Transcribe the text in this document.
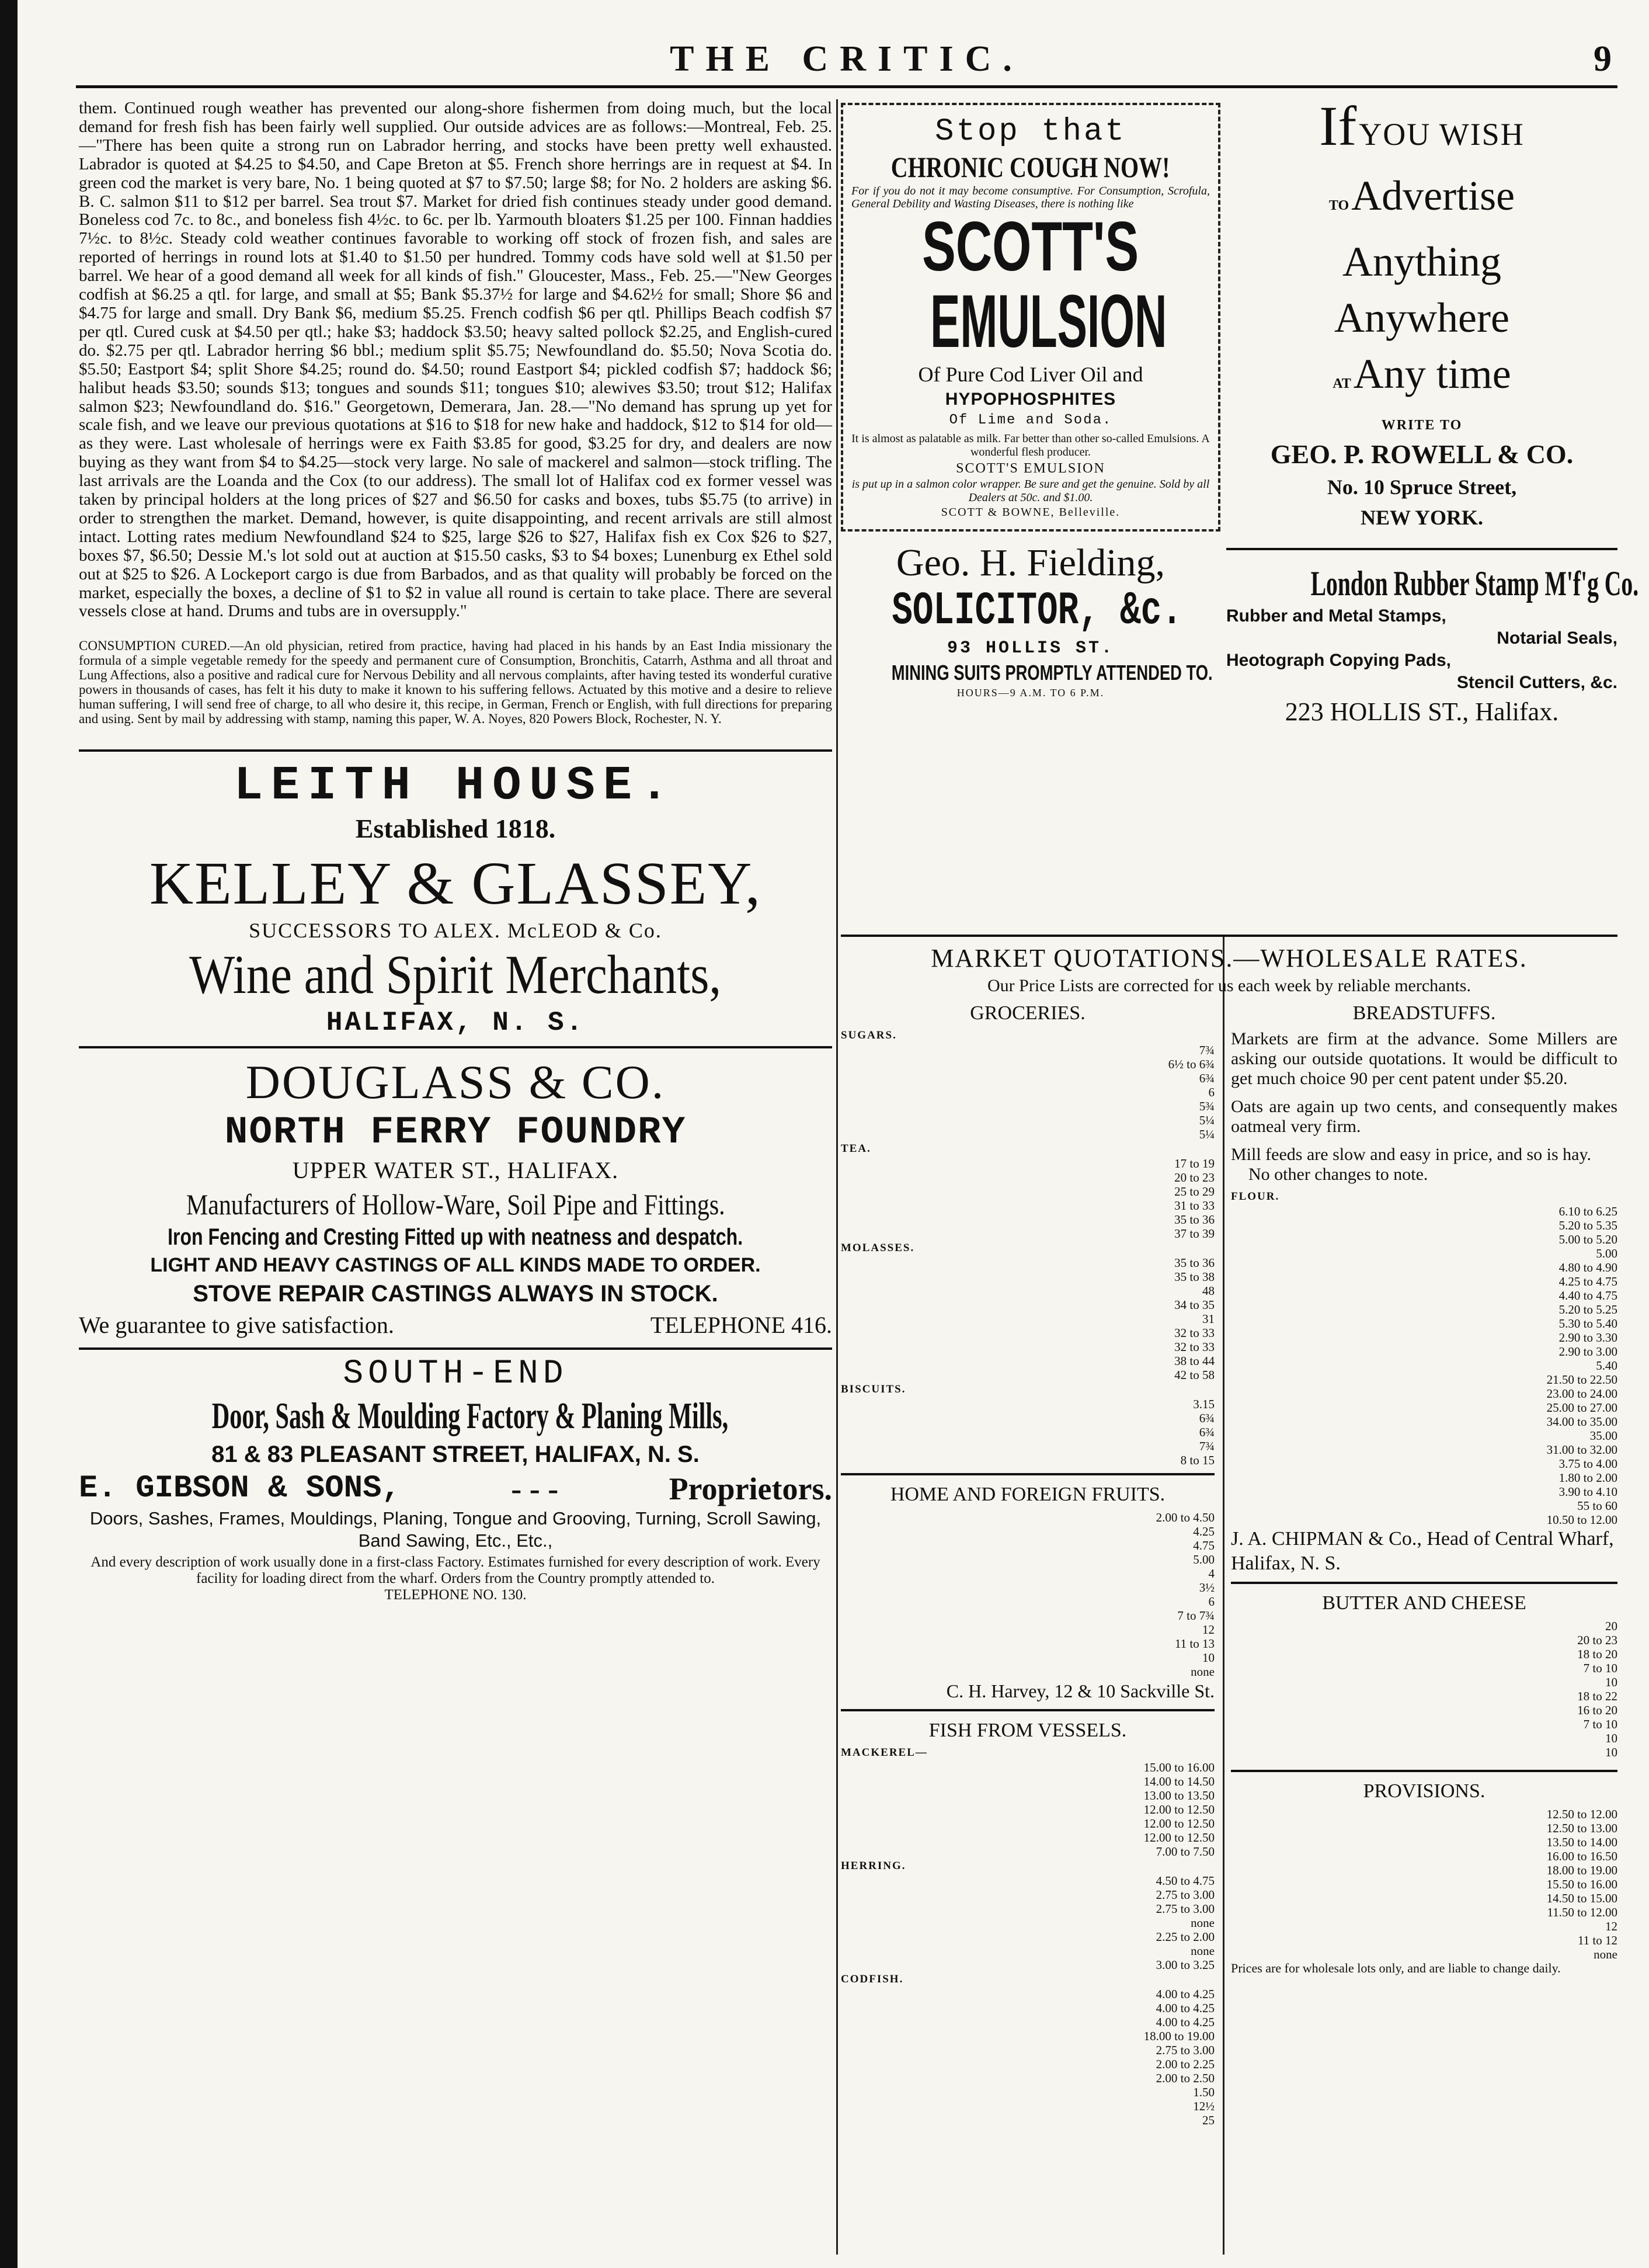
THE CRITIC.	9

them. Continued rough weather has prevented our along-shore fishermen from doing much, but the local demand for fresh fish has been fairly well supplied. Our outside advices are as follows:—Montreal, Feb. 25.—"There has been quite a strong run on Labrador herring, and stocks have been pretty well exhausted. Labrador is quoted at $4.25 to $4.50, and Cape Breton at $5. French shore herrings are in request at $4. In green cod the market is very bare, No. 1 being quoted at $7 to $7.50; large $8; for No. 2 holders are asking $6. B. C. salmon $11 to $12 per barrel. Sea trout $7. Market for dried fish continues steady under good demand. Boneless cod 7c. to 8c., and boneless fish 4½c. to 6c. per lb. Yarmouth bloaters $1.25 per 100. Finnan haddies 7½c. to 8½c. Steady cold weather continues favorable to working off stock of frozen fish, and sales are reported of herrings in round lots at $1.40 to $1.50 per hundred. Tommy cods have sold well at $1.50 per barrel. We hear of a good demand all week for all kinds of fish." Gloucester, Mass., Feb. 25.—"New Georges codfish at $6.25 a qtl. for large, and small at $5; Bank $5.37½ for large and $4.62½ for small; Shore $6 and $4.75 for large and small. Dry Bank $6, medium $5.25. French codfish $6 per qtl. Phillips Beach codfish $7 per qtl. Cured cusk at $4.50 per qtl.; hake $3; haddock $3.50; heavy salted pollock $2.25, and English-cured do. $2.75 per qtl. Labrador herring $6 bbl.; medium split $5.75; Newfoundland do. $5.50; Nova Scotia do. $5.50; Eastport $4; split Shore $4.25; round do. $4.50; round Eastport $4; pickled codfish $7; haddock $6; halibut heads $3.50; sounds $13; tongues and sounds $11; tongues $10; alewives $3.50; trout $12; Halifax salmon $23; Newfoundland do. $16." Georgetown, Demerara, Jan. 28.—"No demand has sprung up yet for scale fish, and we leave our previous quotations at $16 to $18 for new hake and haddock, $12 to $14 for old—as they were. Last wholesale of herrings were ex Faith $3.85 for good, $3.25 for dry, and dealers are now buying as they want from $4 to $4.25—stock very large. No sale of mackerel and salmon—stock trifling. The last arrivals are the Loanda and the Cox (to our address). The small lot of Halifax cod ex former vessel was taken by principal holders at the long prices of $27 and $6.50 for casks and boxes, tubs $5.75 (to arrive) in order to strengthen the market. Demand, however, is quite disappointing, and recent arrivals are still almost intact. Lotting rates medium Newfoundland $24 to $25, large $26 to $27, Halifax fish ex Cox $26 to $27, boxes $7, $6.50; Dessie M.'s lot sold out at auction at $15.50 casks, $3 to $4 boxes; Lunenburg ex Ethel sold out at $25 to $26. A Lockeport cargo is due from Barbados, and as that quality will probably be forced on the market, especially the boxes, a decline of $1 to $2 in value all round is certain to take place. There are several vessels close at hand. Drums and tubs are in oversupply."

CONSUMPTION CURED.—An old physician, retired from practice, having had placed in his hands by an East India missionary the formula of a simple vegetable remedy for the speedy and permanent cure of Consumption, Bronchitis, Catarrh, Asthma and all throat and Lung Affections, also a positive and radical cure for Nervous Debility and all nervous complaints, after having tested its wonderful curative powers in thousands of cases, has felt it his duty to make it known to his suffering fellows. Actuated by this motive and a desire to relieve human suffering, I will send free of charge, to all who desire it, this recipe, in German, French or English, with full directions for preparing and using. Sent by mail by addressing with stamp, naming this paper, W. A. Noyes, 820 Powers Block, Rochester, N. Y.

LEITH HOUSE.
Established 1818.
KELLEY & GLASSEY,
SUCCESSORS TO ALEX. McLEOD & Co.
Wine and Spirit Merchants,
HALIFAX, N. S.
DOUGLASS & CO.
NORTH FERRY FOUNDRY
UPPER WATER ST., HALIFAX.
Manufacturers of Hollow-Ware, Soil Pipe and Fittings. Iron Fencing and Cresting Fitted up with neatness and despatch.
LIGHT AND HEAVY CASTINGS OF ALL KINDS MADE TO ORDER.
STOVE REPAIR CASTINGS ALWAYS IN STOCK.
We guarantee to give satisfaction.	TELEPHONE 416.
SOUTH-END
Door, Sash & Moulding Factory & Planing Mills,
81 & 83 PLEASANT STREET, HALIFAX, N. S.
E. GIBSON & SONS,	- - -	Proprietors.
Doors, Sashes, Frames, Mouldings, Planing, Tongue and Grooving, Turning, Scroll Sawing, Band Sawing, Etc., Etc.,
And every description of work usually done in a first-class Factory. Estimates furnished for every description of work. Every facility for loading direct from the wharf. Orders from the Country promptly attended to.
TELEPHONE NO. 130.
Stop that
CHRONIC COUGH NOW!
For if you do not it may become consumptive. For Consumption, Scrofula, General Debility and Wasting Diseases, there is nothing like
SCOTT'S EMULSION
Of Pure Cod Liver Oil and
HYPOPHOSPHITES
Of Lime and Soda.
It is almost as palatable as milk. Far better than other so-called Emulsions. A wonderful flesh producer.
SCOTT'S EMULSION
is put up in a salmon color wrapper. Be sure and get the genuine. Sold by all Dealers at 50c. and $1.00.
SCOTT & BOWNE, Belleville.
Geo. H. Fielding,
SOLICITOR, &c.
93 HOLLIS ST.
MINING SUITS PROMPTLY ATTENDED TO.
HOURS—9 A.M. TO 6 P.M.
If YOU WISH
TO Advertise
Anything
Anywhere
AT Any time
WRITE TO
GEO. P. ROWELL & CO.
No. 10 Spruce Street,
NEW YORK.
London Rubber Stamp M'f'g Co.
Rubber and Metal Stamps,
Notarial Seals,
Heotograph Copying Pads,
Stencil Cutters, &c.
223 HOLLIS ST., Halifax.
MARKET QUOTATIONS.—WHOLESALE RATES.
Our Price Lists are corrected for us each week by reliable merchants.
GROCERIES.
SUGARS.
	7¾
	6½ to 6¾
	6¾
	6
	5¾
	5¼
	5¼
TEA.
	17 to 19
	20 to 23
	25 to 29
	31 to 33
	35 to 36
	37 to 39
MOLASSES.
	35 to 36
	35 to 38
	48
	34 to 35
	31
	32 to 33
	32 to 33
	38 to 44
	42 to 58
BISCUITS.
	3.15
	6¾
	6¾
	7¾
	8 to 15
HOME AND FOREIGN FRUITS.
	2.00 to 4.50
	4.25
	4.75
	5.00
	4
	3½
	6
	7 to 7¾
	12
	11 to 13
	10
	none
C. H. Harvey, 12 & 10 Sackville St.
FISH FROM VESSELS.
MACKEREL—
	15.00 to 16.00
	14.00 to 14.50
	13.00 to 13.50
	12.00 to 12.50
	12.00 to 12.50
	12.00 to 12.50
	7.00 to 7.50
HERRING.
	4.50 to 4.75
	2.75 to 3.00
	2.75 to 3.00
	none
	2.25 to 2.00
	none
	3.00 to 3.25
CODFISH.
	4.00 to 4.25
	4.00 to 4.25
	4.00 to 4.25
	18.00 to 19.00
	2.75 to 3.00
	2.00 to 2.25
	2.00 to 2.50
	1.50
	12½
	25
BREADSTUFFS.

Markets are firm at the advance. Some Millers are asking our outside quotations. It would be difficult to get much choice 90 per cent patent under $5.20.

Oats are again up two cents, and consequently makes oatmeal very firm.

Mill feeds are slow and easy in price, and so is hay.

No other changes to note.

FLOUR.
	6.10 to 6.25
	5.20 to 5.35
	5.00 to 5.20
	5.00
	4.80 to 4.90
	4.25 to 4.75
	4.40 to 4.75
	5.20 to 5.25
	5.30 to 5.40
	2.90 to 3.30
	2.90 to 3.00
	5.40
	21.50 to 22.50
	23.00 to 24.00
	25.00 to 27.00
	34.00 to 35.00
	35.00
	31.00 to 32.00
	3.75 to 4.00
	1.80 to 2.00
	3.90 to 4.10
	55 to 60
	10.50 to 12.00
J. A. CHIPMAN & Co., Head of Central Wharf, Halifax, N. S.
BUTTER AND CHEESE
	20
	20 to 23
	18 to 20
	7 to 10
	10
	18 to 22
	16 to 20
	7 to 10
	10
	10
PROVISIONS.
	12.50 to 12.00
	12.50 to 13.00
	13.50 to 14.00
	16.00 to 16.50
	18.00 to 19.00
	15.50 to 16.00
	14.50 to 15.00
	11.50 to 12.00
	12
	11 to 12
	none
Prices are for wholesale lots only, and are liable to change daily.
